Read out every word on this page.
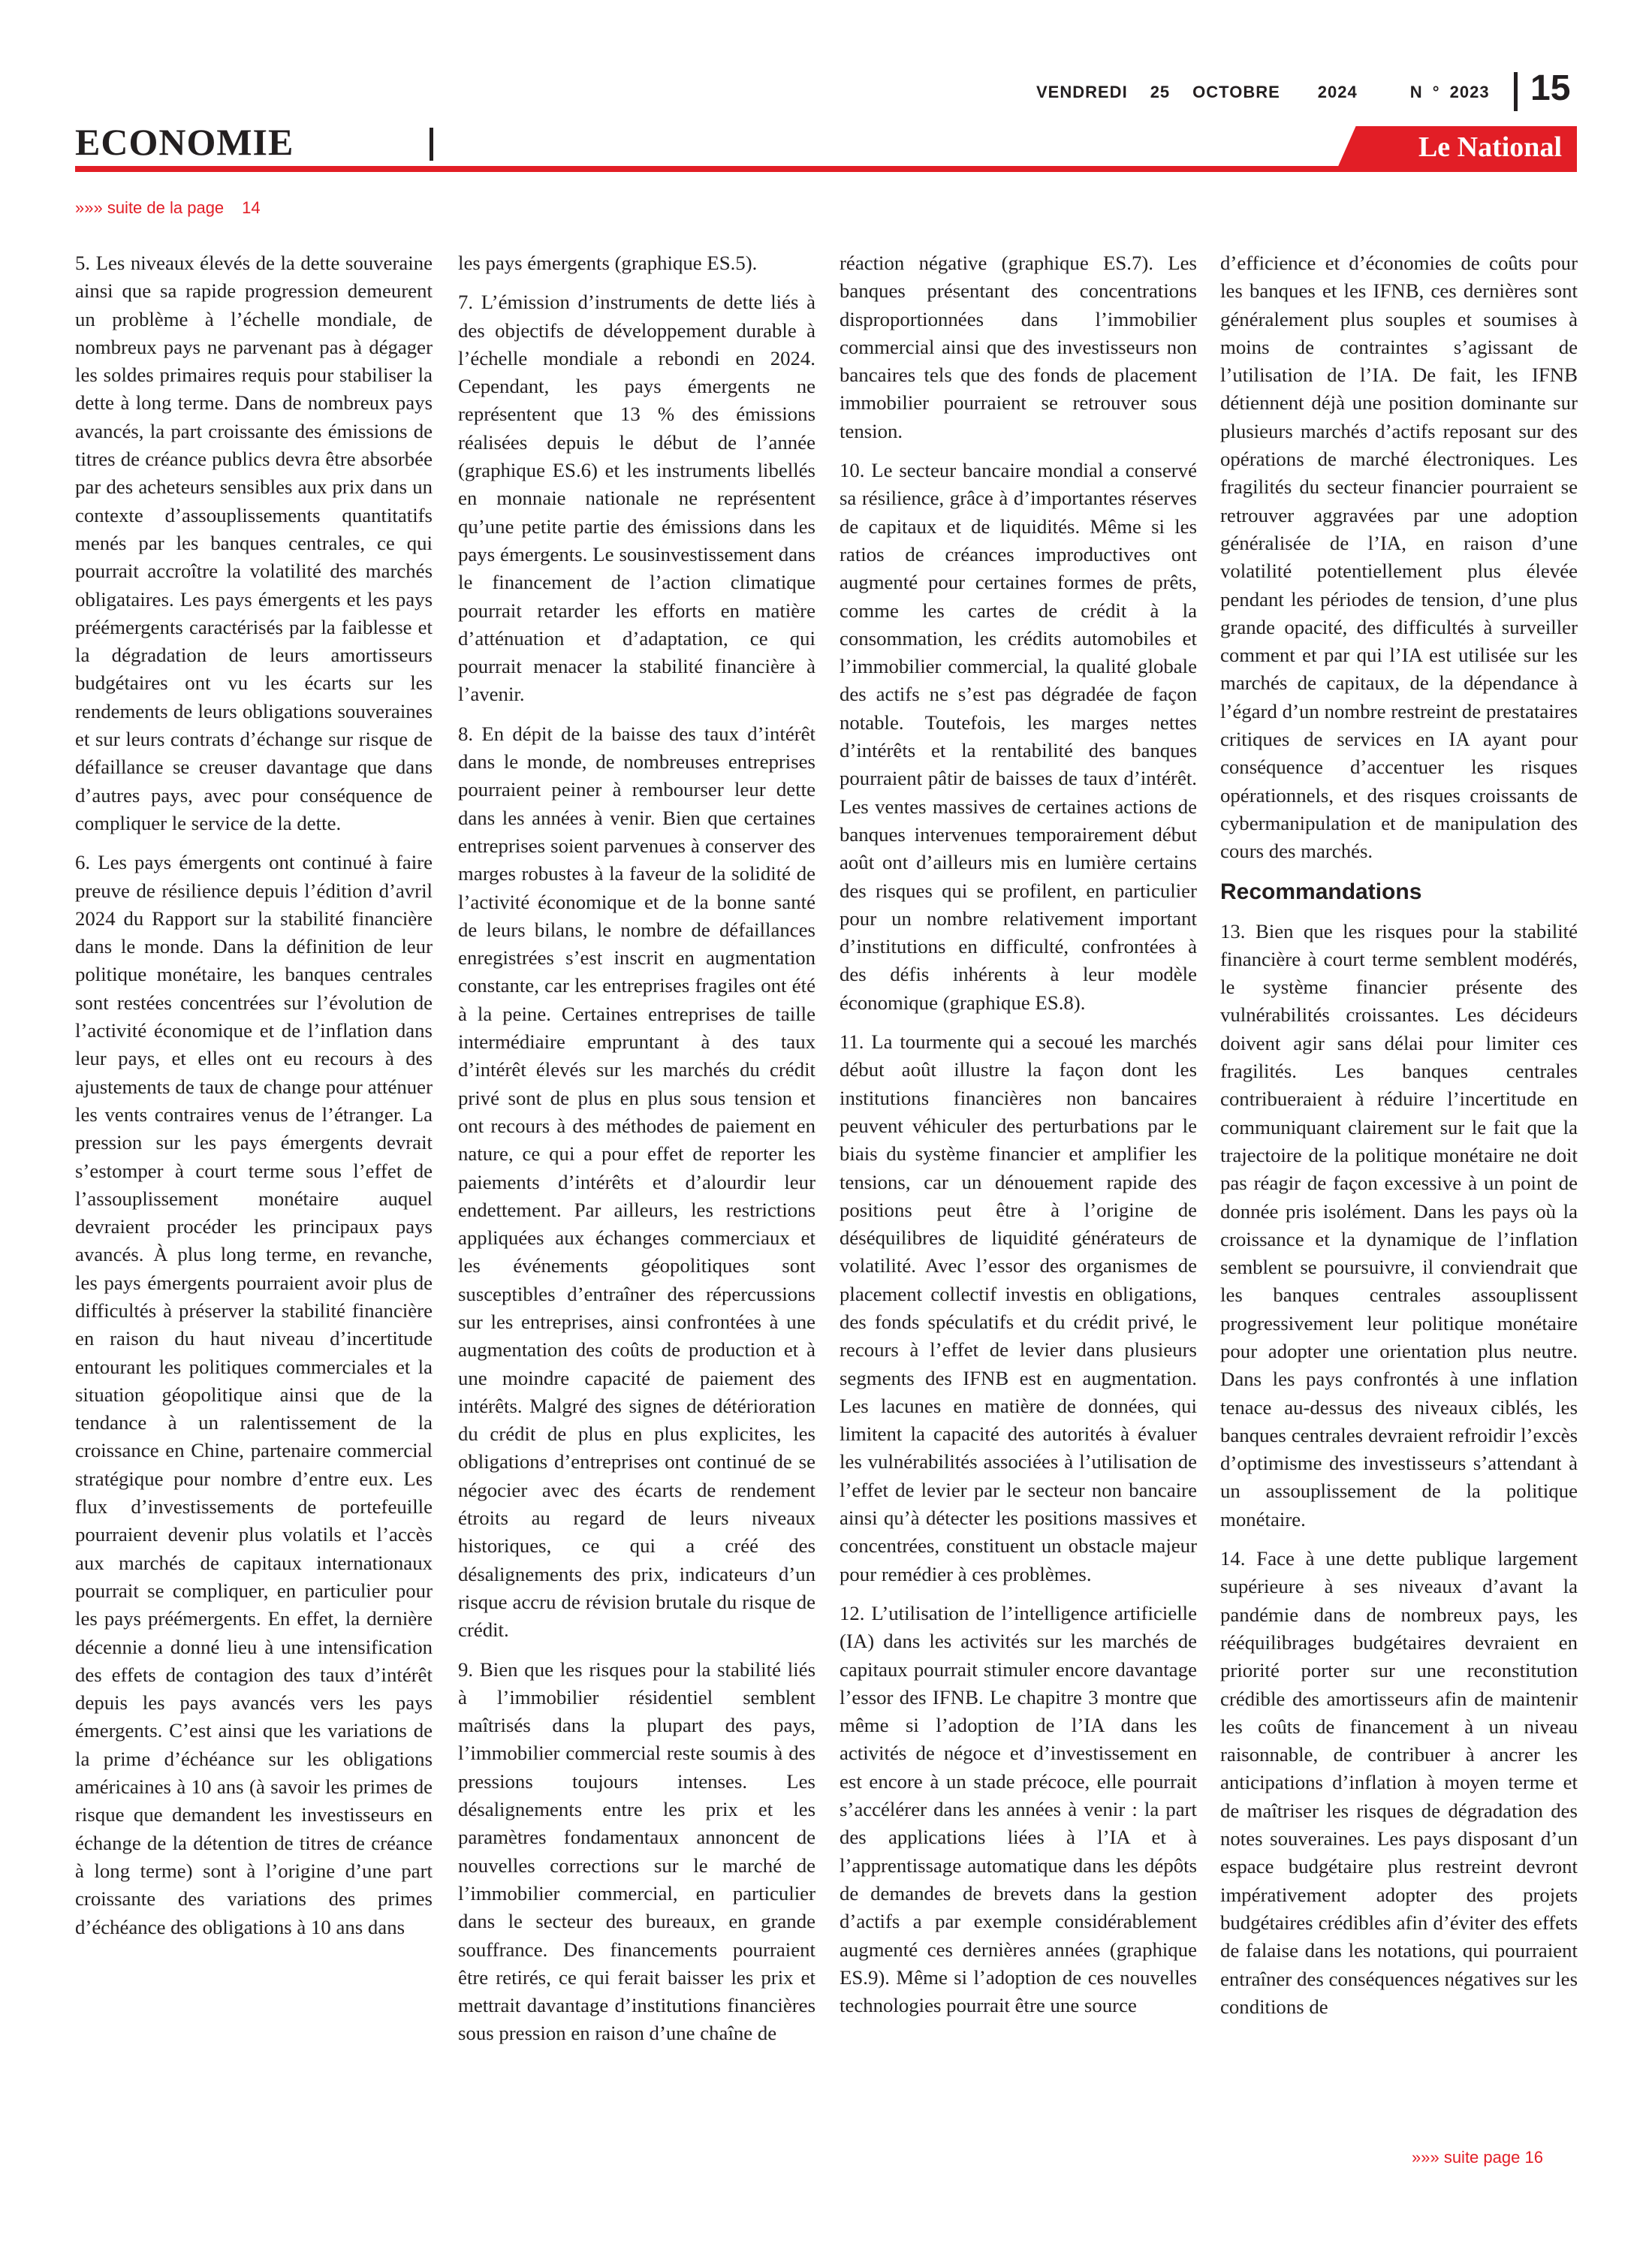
VENDREDI 25 OCTOBRE 2024	N ° 2023	15
ECONOMIE	Le National
»»» suite de la page 14

5. Les niveaux élevés de la dette souveraine ainsi que sa rapide progression demeurent un problème à l’échelle mondiale, de nombreux pays ne parvenant pas à dégager les soldes primaires requis pour stabiliser la dette à long terme. Dans de nombreux pays avancés, la part croissante des émissions de titres de créance publics devra être absorbée par des acheteurs sensibles aux prix dans un contexte d’assouplissements quantitatifs menés par les banques centrales, ce qui pourrait accroître la volatilité des marchés obligataires. Les pays émergents et les pays préémergents caractérisés par la faiblesse et la dégradation de leurs amortisseurs budgétaires ont vu les écarts sur les rendements de leurs obligations souveraines et sur leurs contrats d’échange sur risque de défaillance se creuser davantage que dans d’autres pays, avec pour conséquence de compliquer le service de la dette.

6. Les pays émergents ont continué à faire preuve de résilience depuis l’édition d’avril 2024 du Rapport sur la stabilité financière dans le monde. Dans la définition de leur politique monétaire, les banques centrales sont restées concentrées sur l’évolution de l’activité économique et de l’inflation dans leur pays, et elles ont eu recours à des ajustements de taux de change pour atténuer les vents contraires venus de l’étranger. La pression sur les pays émergents devrait s’estomper à court terme sous l’effet de l’assouplissement monétaire auquel devraient procéder les principaux pays avancés. À plus long terme, en revanche, les pays émergents pourraient avoir plus de difficultés à préserver la stabilité financière en raison du haut niveau d’incertitude entourant les politiques commerciales et la situation géopolitique ainsi que de la tendance à un ralentissement de la croissance en Chine, partenaire commercial stratégique pour nombre d’entre eux. Les flux d’investissements de portefeuille pourraient devenir plus volatils et l’accès aux marchés de capitaux internationaux pourrait se compliquer, en particulier pour les pays préémergents. En effet, la dernière décennie a donné lieu à une intensification des effets de contagion des taux d’intérêt depuis les pays avancés vers les pays émergents. C’est ainsi que les variations de la prime d’échéance sur les obligations américaines à 10 ans (à savoir les primes de risque que demandent les investisseurs en échange de la détention de titres de créance à long terme) sont à l’origine d’une part croissante des variations des primes d’échéance des obligations à 10 ans dans

les pays émergents (graphique ES.5).

7. L’émission d’instruments de dette liés à des objectifs de développement durable à l’échelle mondiale a rebondi en 2024. Cependant, les pays émergents ne représentent que 13 % des émissions réalisées depuis le début de l’année (graphique ES.6) et les instruments libellés en monnaie nationale ne représentent qu’une petite partie des émissions dans les pays émergents. Le sousinvestissement dans le financement de l’action climatique pourrait retarder les efforts en matière d’atténuation et d’adaptation, ce qui pourrait menacer la stabilité financière à l’avenir.

8. En dépit de la baisse des taux d’intérêt dans le monde, de nombreuses entreprises pourraient peiner à rembourser leur dette dans les années à venir. Bien que certaines entreprises soient parvenues à conserver des marges robustes à la faveur de la solidité de l’activité économique et de la bonne santé de leurs bilans, le nombre de défaillances enregistrées s’est inscrit en augmentation constante, car les entreprises fragiles ont été à la peine. Certaines entreprises de taille intermédiaire empruntant à des taux d’intérêt élevés sur les marchés du crédit privé sont de plus en plus sous tension et ont recours à des méthodes de paiement en nature, ce qui a pour effet de reporter les paiements d’intérêts et d’alourdir leur endettement. Par ailleurs, les restrictions appliquées aux échanges commerciaux et les événements géopolitiques sont susceptibles d’entraîner des répercussions sur les entreprises, ainsi confrontées à une augmentation des coûts de production et à une moindre capacité de paiement des intérêts. Malgré des signes de détérioration du crédit de plus en plus explicites, les obligations d’entreprises ont continué de se négocier avec des écarts de rendement étroits au regard de leurs niveaux historiques, ce qui a créé des désalignements des prix, indicateurs d’un risque accru de révision brutale du risque de crédit.

9. Bien que les risques pour la stabilité liés à l’immobilier résidentiel semblent maîtrisés dans la plupart des pays, l’immobilier commercial reste soumis à des pressions toujours intenses. Les désalignements entre les prix et les paramètres fondamentaux annoncent de nouvelles corrections sur le marché de l’immobilier commercial, en particulier dans le secteur des bureaux, en grande souffrance. Des financements pourraient être retirés, ce qui ferait baisser les prix et mettrait davantage d’institutions financières sous pression en raison d’une chaîne de

réaction négative (graphique ES.7). Les banques présentant des concentrations disproportionnées dans l’immobilier commercial ainsi que des investisseurs non bancaires tels que des fonds de placement immobilier pourraient se retrouver sous tension.

10. Le secteur bancaire mondial a conservé sa résilience, grâce à d’importantes réserves de capitaux et de liquidités. Même si les ratios de créances improductives ont augmenté pour certaines formes de prêts, comme les cartes de crédit à la consommation, les crédits automobiles et l’immobilier commercial, la qualité globale des actifs ne s’est pas dégradée de façon notable. Toutefois, les marges nettes d’intérêts et la rentabilité des banques pourraient pâtir de baisses de taux d’intérêt. Les ventes massives de certaines actions de banques intervenues temporairement début août ont d’ailleurs mis en lumière certains des risques qui se profilent, en particulier pour un nombre relativement important d’institutions en difficulté, confrontées à des défis inhérents à leur modèle économique (graphique ES.8).

11. La tourmente qui a secoué les marchés début août illustre la façon dont les institutions financières non bancaires peuvent véhiculer des perturbations par le biais du système financier et amplifier les tensions, car un dénouement rapide des positions peut être à l’origine de déséquilibres de liquidité générateurs de volatilité. Avec l’essor des organismes de placement collectif investis en obligations, des fonds spéculatifs et du crédit privé, le recours à l’effet de levier dans plusieurs segments des IFNB est en augmentation. Les lacunes en matière de données, qui limitent la capacité des autorités à évaluer les vulnérabilités associées à l’utilisation de l’effet de levier par le secteur non bancaire ainsi qu’à détecter les positions massives et concentrées, constituent un obstacle majeur pour remédier à ces problèmes.

12. L’utilisation de l’intelligence artificielle (IA) dans les activités sur les marchés de capitaux pourrait stimuler encore davantage l’essor des IFNB. Le chapitre 3 montre que même si l’adoption de l’IA dans les activités de négoce et d’investissement en est encore à un stade précoce, elle pourrait s’accélérer dans les années à venir : la part des applications liées à l’IA et à l’apprentissage automatique dans les dépôts de demandes de brevets dans la gestion d’actifs a par exemple considérablement augmenté ces dernières années (graphique ES.9). Même si l’adoption de ces nouvelles technologies pourrait être une source

d’efficience et d’économies de coûts pour les banques et les IFNB, ces dernières sont généralement plus souples et soumises à moins de contraintes s’agissant de l’utilisation de l’IA. De fait, les IFNB détiennent déjà une position dominante sur plusieurs marchés d’actifs reposant sur des opérations de marché électroniques. Les fragilités du secteur financier pourraient se retrouver aggravées par une adoption généralisée de l’IA, en raison d’une volatilité potentiellement plus élevée pendant les périodes de tension, d’une plus grande opacité, des difficultés à surveiller comment et par qui l’IA est utilisée sur les marchés de capitaux, de la dépendance à l’égard d’un nombre restreint de prestataires critiques de services en IA ayant pour conséquence d’accentuer les risques opérationnels, et des risques croissants de cybermanipulation et de manipulation des cours des marchés.

Recommandations

13. Bien que les risques pour la stabilité financière à court terme semblent modérés, le système financier présente des vulnérabilités croissantes. Les décideurs doivent agir sans délai pour limiter ces fragilités. Les banques centrales contribueraient à réduire l’incertitude en communiquant clairement sur le fait que la trajectoire de la politique monétaire ne doit pas réagir de façon excessive à un point de donnée pris isolément. Dans les pays où la croissance et la dynamique de l’inflation semblent se poursuivre, il conviendrait que les banques centrales assouplissent progressivement leur politique monétaire pour adopter une orientation plus neutre. Dans les pays confrontés à une inflation tenace au-dessus des niveaux ciblés, les banques centrales devraient refroidir l’excès d’optimisme des investisseurs s’attendant à un assouplissement de la politique monétaire.

14. Face à une dette publique largement supérieure à ses niveaux d’avant la pandémie dans de nombreux pays, les rééquilibrages budgétaires devraient en priorité porter sur une reconstitution crédible des amortisseurs afin de maintenir les coûts de financement à un niveau raisonnable, de contribuer à ancrer les anticipations d’inflation à moyen terme et de maîtriser les risques de dégradation des notes souveraines. Les pays disposant d’un espace budgétaire plus restreint devront impérativement adopter des projets budgétaires crédibles afin d’éviter des effets de falaise dans les notations, qui pourraient entraîner des conséquences négatives sur les conditions de

»»» suite page 16
